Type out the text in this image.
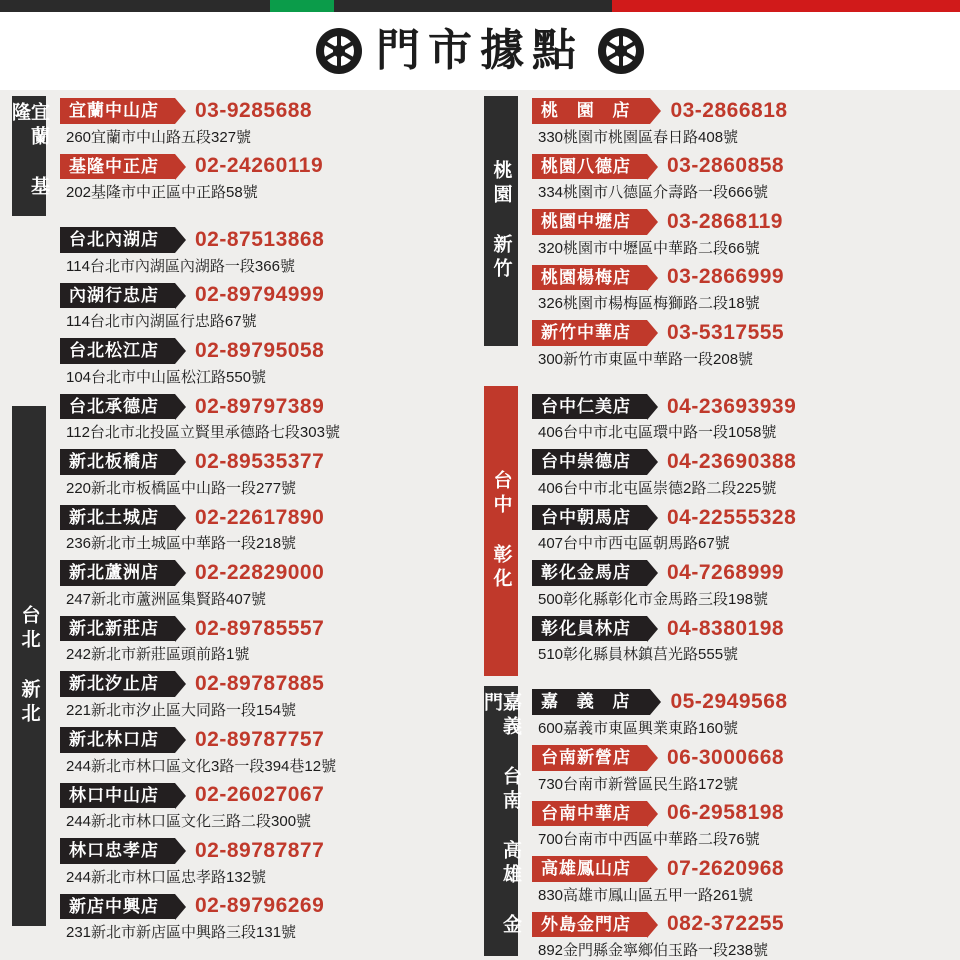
門市據點
宜蘭 基隆
台北 新北
宜蘭中山店	03-9285688
260宜蘭市中山路五段327號
基隆中正店	02-24260119
202基隆市中正區中正路58號
台北內湖店	02-87513868
114台北市內湖區內湖路一段366號
內湖行忠店	02-89794999
114台北市內湖區行忠路67號
台北松江店	02-89795058
104台北市中山區松江路550號
台北承德店	02-89797389
112台北市北投區立賢里承德路七段303號
新北板橋店	02-89535377
220新北市板橋區中山路一段277號
新北土城店	02-22617890
236新北市土城區中華路一段218號
新北蘆洲店	02-22829000
247新北市蘆洲區集賢路407號
新北新莊店	02-89785557
242新北市新莊區頭前路1號
新北汐止店	02-89787885
221新北市汐止區大同路一段154號
新北林口店	02-89787757
244新北市林口區文化3路一段394巷12號
林口中山店	02-26027067
244新北市林口區文化三路二段300號
林口忠孝店	02-89787877
244新北市林口區忠孝路132號
新店中興店	02-89796269
231新北市新店區中興路三段131號
桃園 新竹
台中 彰化
嘉義 台南 高雄 金門
桃 園 店	03-2866818
330桃園市桃園區春日路408號
桃園八德店	03-2860858
334桃園市八德區介壽路一段666號
桃園中壢店	03-2868119
320桃園市中壢區中華路二段66號
桃園楊梅店	03-2866999
326桃園市楊梅區梅獅路二段18號
新竹中華店	03-5317555
300新竹市東區中華路一段208號
台中仁美店	04-23693939
406台中市北屯區環中路一段1058號
台中崇德店	04-23690388
406台中市北屯區崇德2路二段225號
台中朝馬店	04-22555328
407台中市西屯區朝馬路67號
彰化金馬店	04-7268999
500彰化縣彰化市金馬路三段198號
彰化員林店	04-8380198
510彰化縣員林鎮莒光路555號
嘉 義 店	05-2949568
600嘉義市東區興業東路160號
台南新營店	06-3000668
730台南市新營區民生路172號
台南中華店	06-2958198
700台南市中西區中華路二段76號
高雄鳳山店	07-2620968
830高雄市鳳山區五甲一路261號
外島金門店	082-372255
892金門縣金寧鄉伯玉路一段238號
